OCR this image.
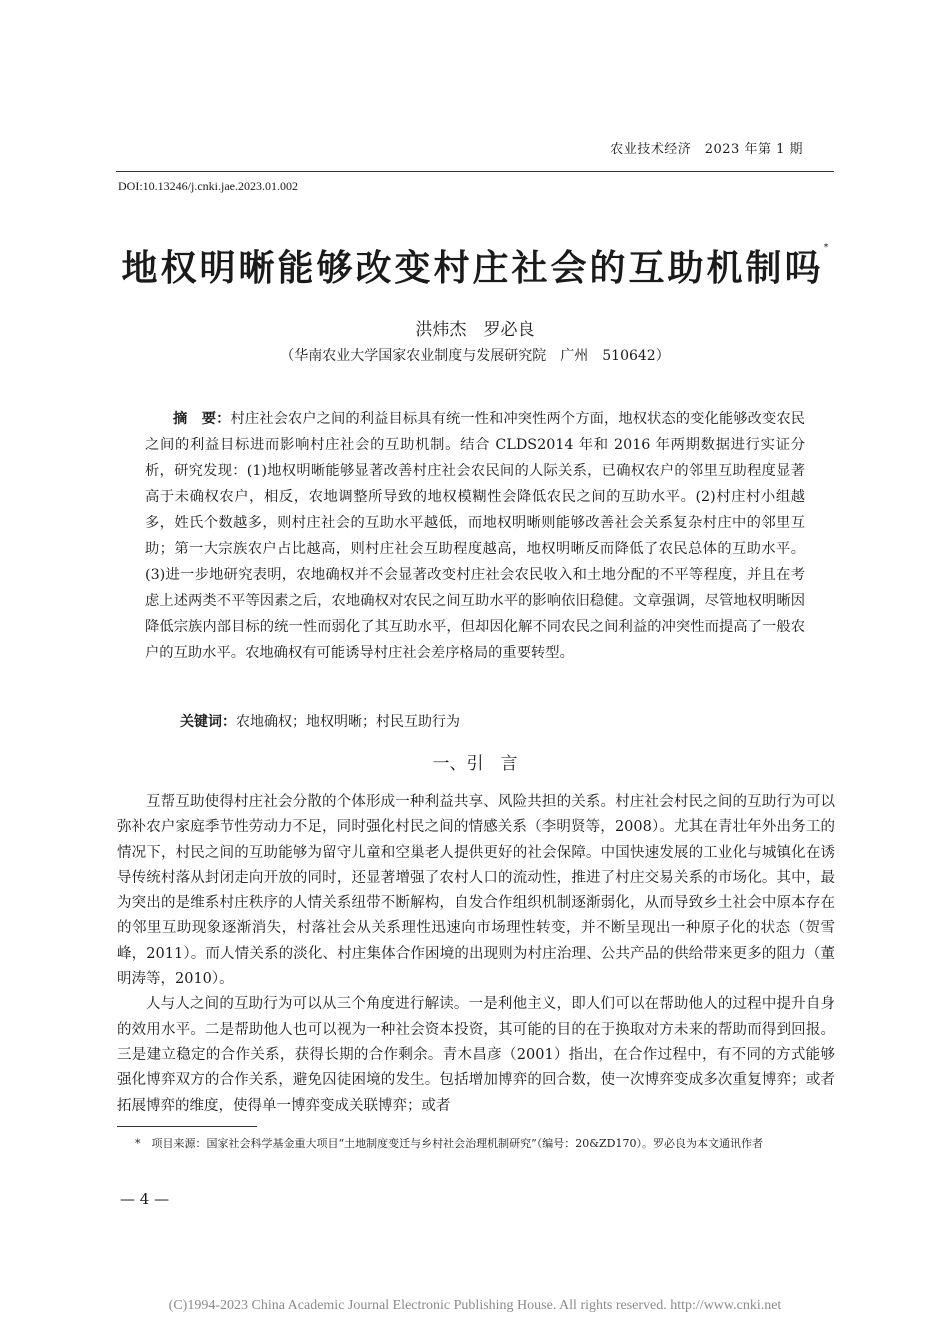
农业技术经济　2023 年第 1 期
DOI:10.13246/j.cnki.jae.2023.01.002
地权明晰能够改变村庄社会的互助机制吗*
洪炜杰　罗必良
（华南农业大学国家农业制度与发展研究院　广州　510642）

摘　要：村庄社会农户之间的利益目标具有统一性和冲突性两个方面，地权状态的变化能够改变农民之间的利益目标进而影响村庄社会的互助机制。结合 CLDS2014 年和 2016 年两期数据进行实证分析，研究发现：(1)地权明晰能够显著改善村庄社会农民间的人际关系，已确权农户的邻里互助程度显著高于未确权农户，相反，农地调整所导致的地权模糊性会降低农民之间的互助水平。(2)村庄村小组越多，姓氏个数越多，则村庄社会的互助水平越低，而地权明晰则能够改善社会关系复杂村庄中的邻里互助；第一大宗族农户占比越高，则村庄社会互助程度越高，地权明晰反而降低了农民总体的互助水平。(3)进一步地研究表明，农地确权并不会显著改变村庄社会农民收入和土地分配的不平等程度，并且在考虑上述两类不平等因素之后，农地确权对农民之间互助水平的影响依旧稳健。文章强调，尽管地权明晰因降低宗族内部目标的统一性而弱化了其互助水平，但却因化解不同农民之间利益的冲突性而提高了一般农户的互助水平。农地确权有可能诱导村庄社会差序格局的重要转型。

关键词：农地确权；地权明晰；村民互助行为
一、引　言

互帮互助使得村庄社会分散的个体形成一种利益共享、风险共担的关系。村庄社会村民之间的互助行为可以弥补农户家庭季节性劳动力不足，同时强化村民之间的情感关系（李明贤等，2008）。尤其在青壮年外出务工的情况下，村民之间的互助能够为留守儿童和空巢老人提供更好的社会保障。中国快速发展的工业化与城镇化在诱导传统村落从封闭走向开放的同时，还显著增强了农村人口的流动性，推进了村庄交易关系的市场化。其中，最为突出的是维系村庄秩序的人情关系纽带不断解构，自发合作组织机制逐渐弱化，从而导致乡土社会中原本存在的邻里互助现象逐渐消失，村落社会从关系理性迅速向市场理性转变，并不断呈现出一种原子化的状态（贺雪峰，2011）。而人情关系的淡化、村庄集体合作困境的出现则为村庄治理、公共产品的供给带来更多的阻力（董明涛等，2010）。

人与人之间的互助行为可以从三个角度进行解读。一是利他主义，即人们可以在帮助他人的过程中提升自身的效用水平。二是帮助他人也可以视为一种社会资本投资，其可能的目的在于换取对方未来的帮助而得到回报。三是建立稳定的合作关系，获得长期的合作剩余。青木昌彦（2001）指出，在合作过程中，有不同的方式能够强化博弈双方的合作关系，避免囚徒困境的发生。包括增加博弈的回合数，使一次博弈变成多次重复博弈；或者拓展博弈的维度，使得单一博弈变成关联博弈；或者

*　项目来源：国家社会科学基金重大项目“土地制度变迁与乡村社会治理机制研究”（编号：20&ZD170）。罗必良为本文通讯作者

— 4 —
(C)1994-2023 China Academic Journal Electronic Publishing House. All rights reserved. http://www.cnki.net
